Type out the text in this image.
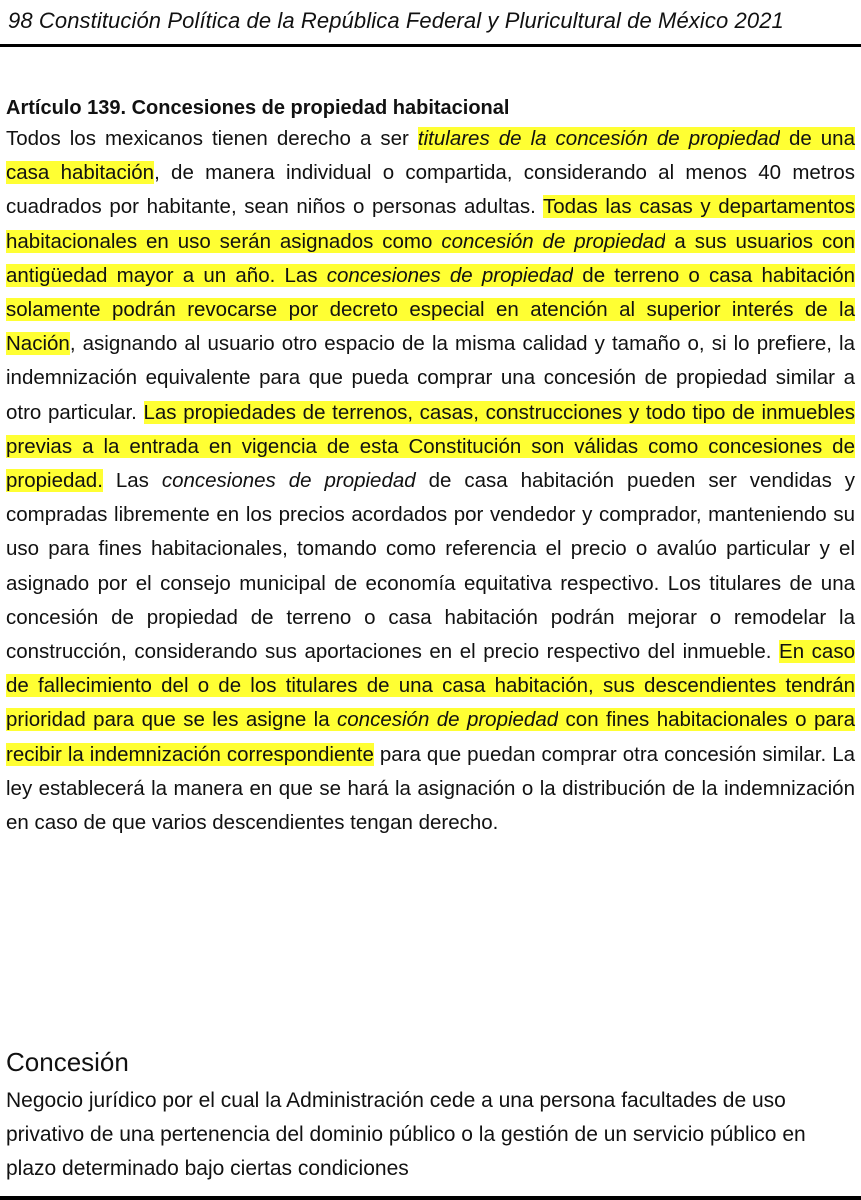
98 Constitución Política de la República Federal y Pluricultural de México 2021

Artículo 139. Concesiones de propiedad habitacional

Todos los mexicanos tienen derecho a ser titulares de la concesión de propiedad de una casa habitación, de manera individual o compartida, considerando al menos 40 metros cuadrados por habitante, sean niños o personas adultas. Todas las casas y departamentos habitacionales en uso serán asignados como concesión de propiedad a sus usuarios con antigüedad mayor a un año. Las concesiones de propiedad de terreno o casa habitación solamente podrán revocarse por decreto especial en atención al superior interés de la Nación, asignando al usuario otro espacio de la misma calidad y tamaño o, si lo prefiere, la indemnización equivalente para que pueda comprar una concesión de propiedad similar a otro particular. Las propiedades de terrenos, casas, construcciones y todo tipo de inmuebles previas a la entrada en vigencia de esta Constitución son válidas como concesiones de propiedad. Las concesiones de propiedad de casa habitación pueden ser vendidas y compradas libremente en los precios acordados por vendedor y comprador, manteniendo su uso para fines habitacionales, tomando como referencia el precio o avalúo particular y el asignado por el consejo municipal de economía equitativa respectivo. Los titulares de una concesión de propiedad de terreno o casa habitación podrán mejorar o remodelar la construcción, considerando sus aportaciones en el precio respectivo del inmueble. En caso de fallecimiento del o de los titulares de una casa habitación, sus descendientes tendrán prioridad para que se les asigne la concesión de propiedad con fines habitacionales o para recibir la indemnización correspondiente para que puedan comprar otra concesión similar. La ley establecerá la manera en que se hará la asignación o la distribución de la indemnización en caso de que varios descendientes tengan derecho.

Concesión

Negocio jurídico por el cual la Administración cede a una persona facultades de uso privativo de una pertenencia del dominio público o la gestión de un servicio público en plazo determinado bajo ciertas condiciones
